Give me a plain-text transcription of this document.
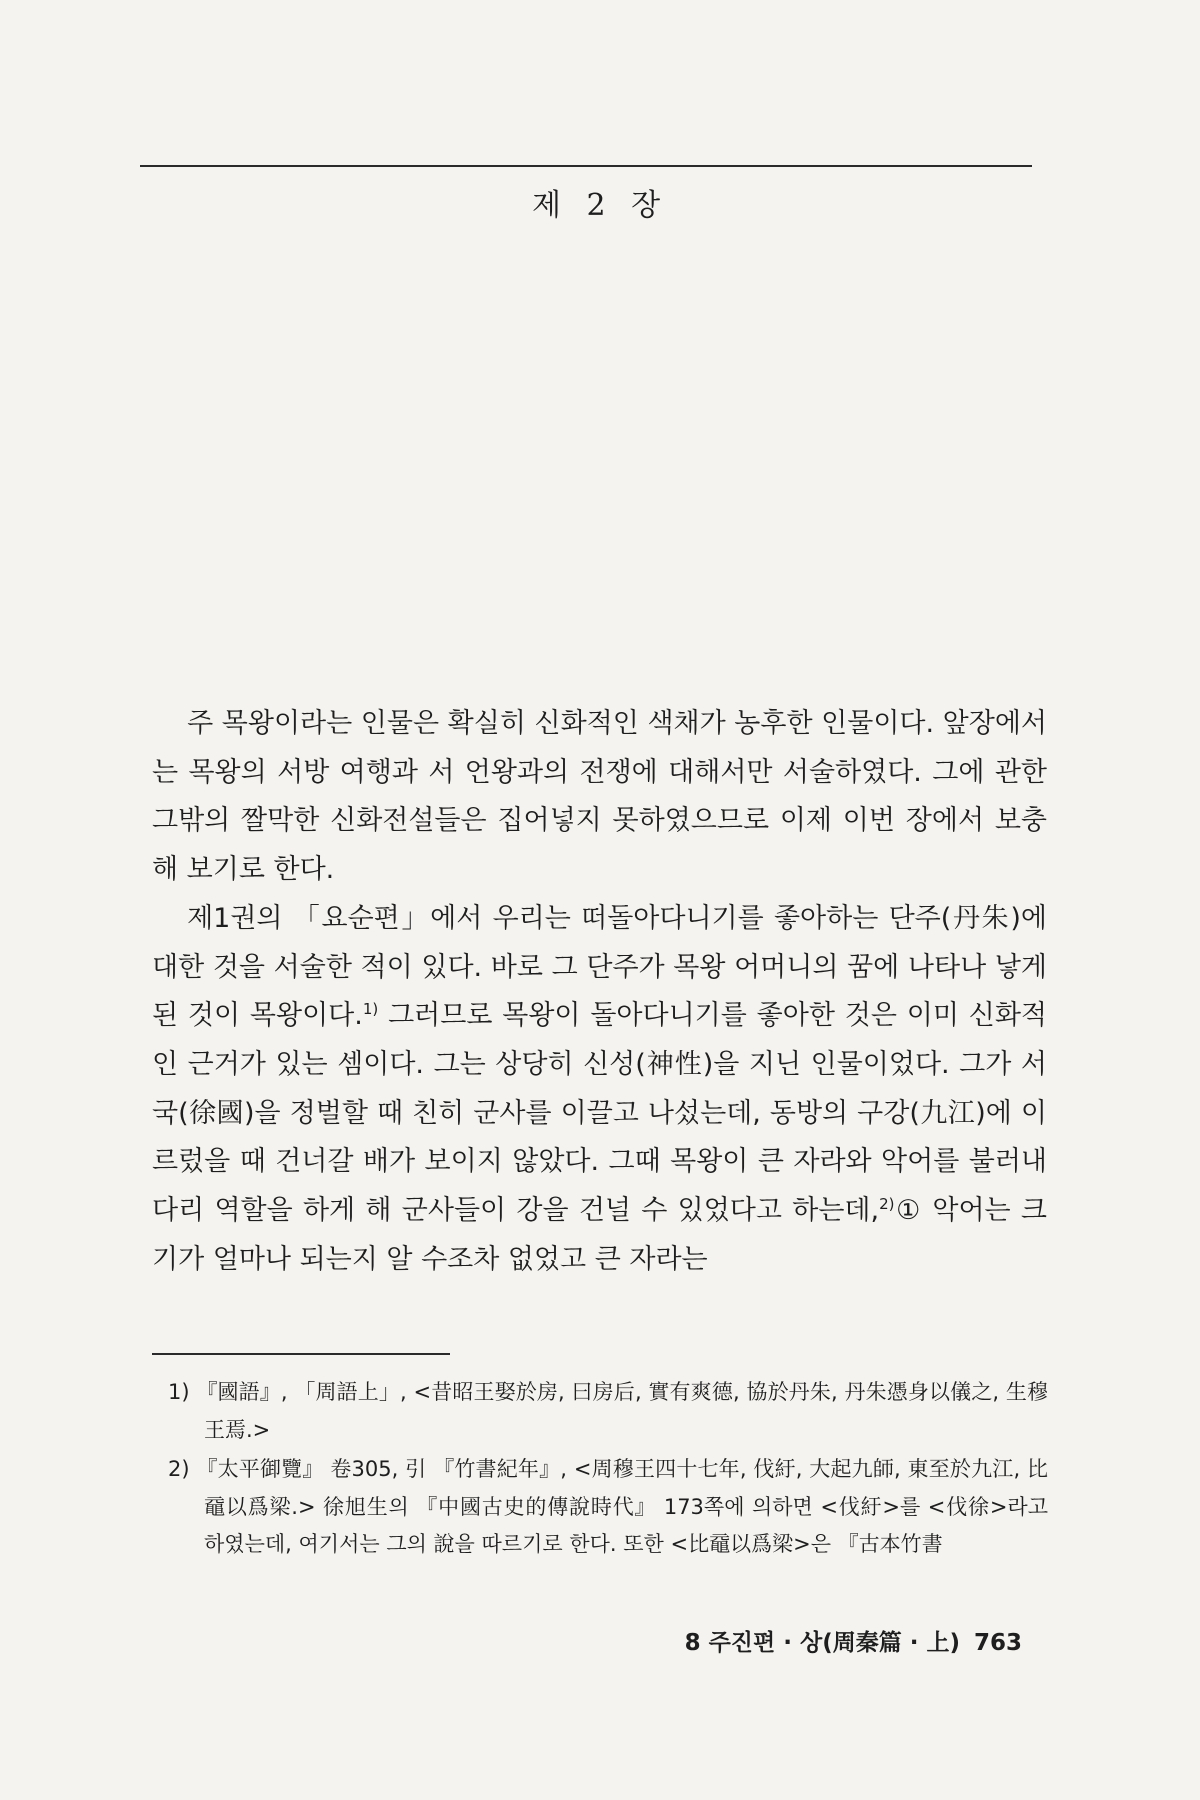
제 2 장

주 목왕이라는 인물은 확실히 신화적인 색채가 농후한 인물이다. 앞장에서는 목왕의 서방 여행과 서 언왕과의 전쟁에 대해서만 서술하였다. 그에 관한 그밖의 짤막한 신화전설들은 집어넣지 못하였으므로 이제 이번 장에서 보충해 보기로 한다.

제1권의 「요순편」에서 우리는 떠돌아다니기를 좋아하는 단주(丹朱)에 대한 것을 서술한 적이 있다. 바로 그 단주가 목왕 어머니의 꿈에 나타나 낳게 된 것이 목왕이다.$^{1)}$ 그러므로 목왕이 돌아다니기를 좋아한 것은 이미 신화적인 근거가 있는 셈이다. 그는 상당히 신성(神性)을 지닌 인물이었다. 그가 서국(徐國)을 정벌할 때 친히 군사를 이끌고 나섰는데, 동방의 구강(九江)에 이르렀을 때 건너갈 배가 보이지 않았다. 그때 목왕이 큰 자라와 악어를 불러내 다리 역할을 하게 해 군사들이 강을 건널 수 있었다고 하는데,$^{2)}$① 악어는 크기가 얼마나 되는지 알 수조차 없었고 큰 자라는

1) 『國語』, 「周語上」, <昔昭王娶於房, 曰房后, 實有爽德, 協於丹朱, 丹朱憑身以儀之, 生穆王焉.>

2) 『太平御覽』 卷305, 引 『竹書紀年』, <周穆王四十七年, 伐紆, 大起九師, 東至於九江, 比黿以爲梁.> 徐旭生의 『中國古史的傳說時代』 173쪽에 의하면 <伐紆>를 <伐徐>라고 하였는데, 여기서는 그의 說을 따르기로 한다. 또한 <比黿以爲梁>은 『古本竹書

8 주진편 · 상(周秦篇 · 上) 763
